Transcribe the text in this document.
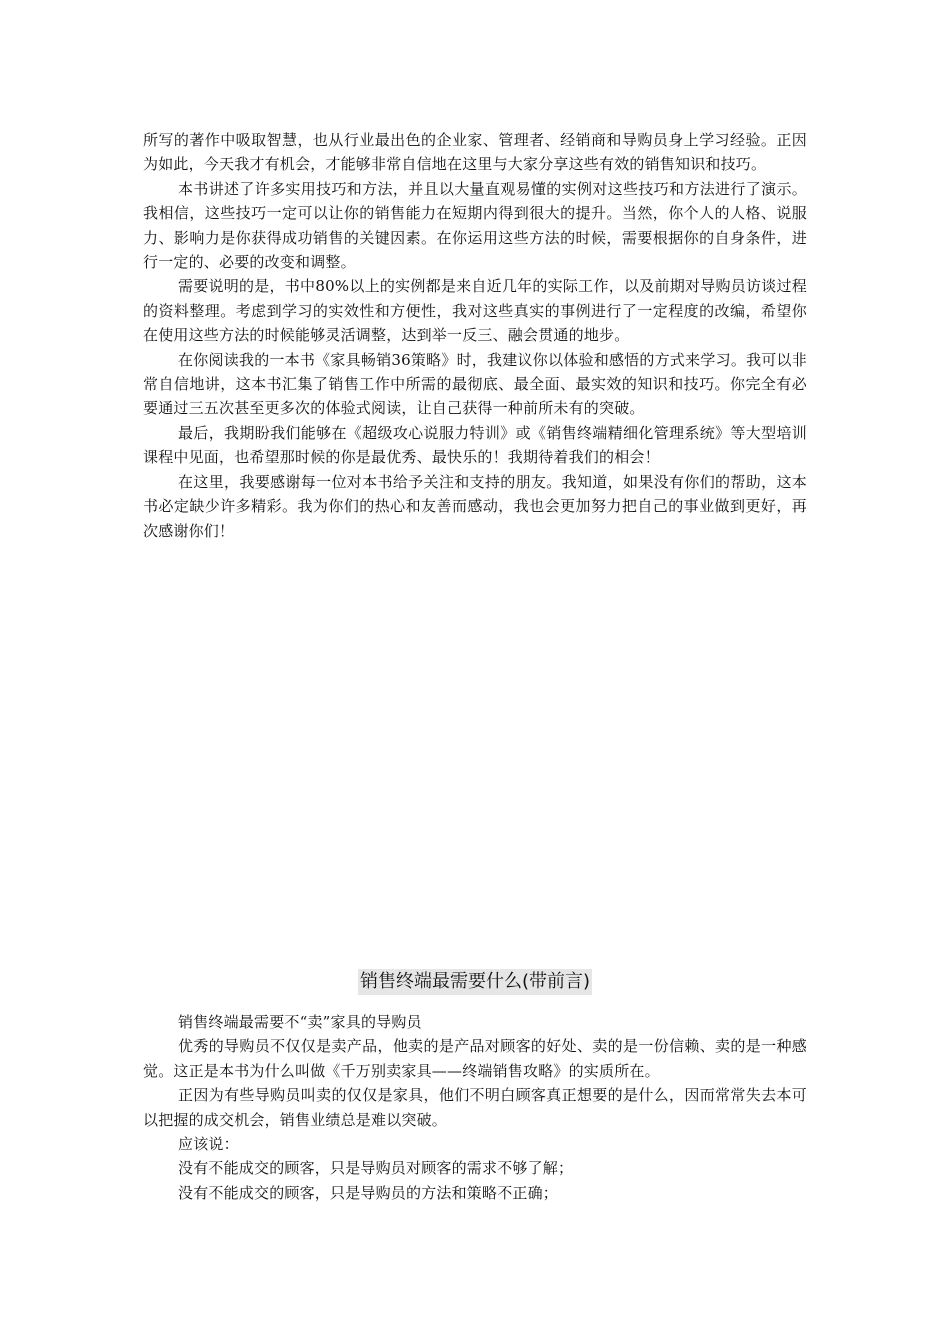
所写的著作中吸取智慧，也从行业最出色的企业家、管理者、经销商和导购员身上学习经验。正因为如此，今天我才有机会，才能够非常自信地在这里与大家分享这些有效的销售知识和技巧。

本书讲述了许多实用技巧和方法，并且以大量直观易懂的实例对这些技巧和方法进行了演示。我相信，这些技巧一定可以让你的销售能力在短期内得到很大的提升。当然，你个人的人格、说服力、影响力是你获得成功销售的关键因素。在你运用这些方法的时候，需要根据你的自身条件，进行一定的、必要的改变和调整。

需要说明的是，书中80%以上的实例都是来自近几年的实际工作，以及前期对导购员访谈过程的资料整理。考虑到学习的实效性和方便性，我对这些真实的事例进行了一定程度的改编，希望你在使用这些方法的时候能够灵活调整，达到举一反三、融会贯通的地步。

在你阅读我的一本书《家具畅销36策略》时，我建议你以体验和感悟的方式来学习。我可以非常自信地讲，这本书汇集了销售工作中所需的最彻底、最全面、最实效的知识和技巧。你完全有必要通过三五次甚至更多次的体验式阅读，让自己获得一种前所未有的突破。

最后，我期盼我们能够在《超级攻心说服力特训》或《销售终端精细化管理系统》等大型培训课程中见面，也希望那时候的你是最优秀、最快乐的！我期待着我们的相会！

在这里，我要感谢每一位对本书给予关注和支持的朋友。我知道，如果没有你们的帮助，这本书必定缺少许多精彩。我为你们的热心和友善而感动，我也会更加努力把自己的事业做到更好，再次感谢你们！

销售终端最需要什么(带前言)

销售终端最需要不“卖”家具的导购员

优秀的导购员不仅仅是卖产品，他卖的是产品对顾客的好处、卖的是一份信赖、卖的是一种感觉。这正是本书为什么叫做《千万别卖家具——终端销售攻略》的实质所在。

正因为有些导购员叫卖的仅仅是家具，他们不明白顾客真正想要的是什么，因而常常失去本可以把握的成交机会，销售业绩总是难以突破。

应该说：

没有不能成交的顾客，只是导购员对顾客的需求不够了解；

没有不能成交的顾客，只是导购员的方法和策略不正确；
